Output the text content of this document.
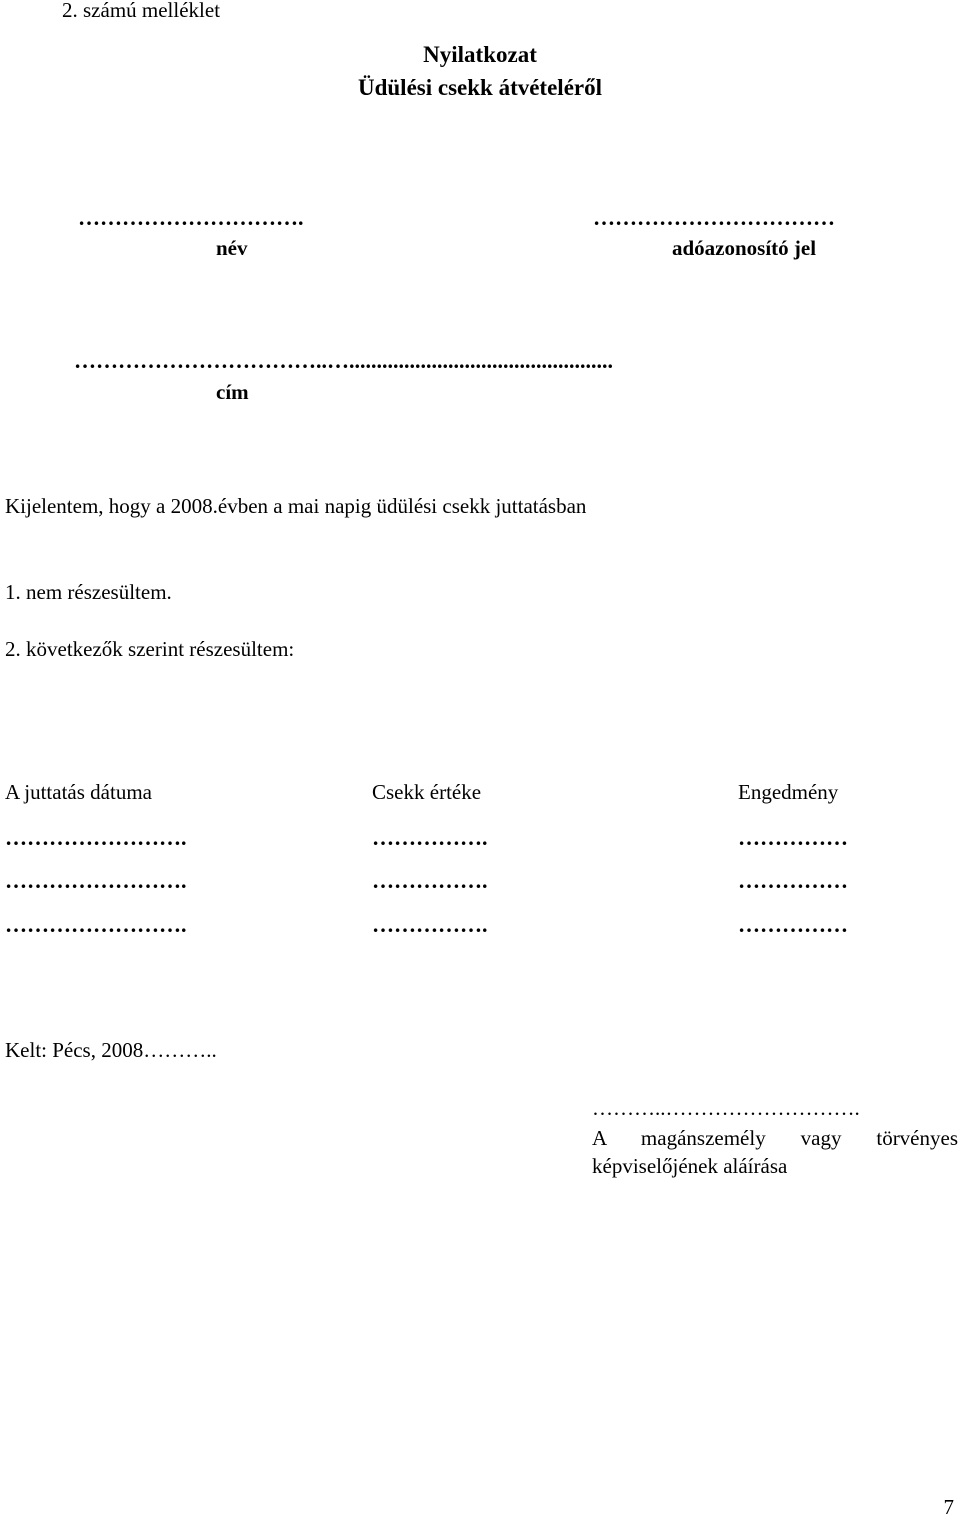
2. számú melléklet
Nyilatkozat
Üdülési csekk átvételéről
………………………….
név
……………………………
adóazonosító jel
……………………………..…................................................
cím
Kijelentem, hogy a 2008.évben a mai napig üdülési csekk juttatásban
1. nem részesültem.
2. következők szerint részesültem:
A juttatás dátuma	Csekk értéke	Engedmény
…………………….	…………….	……………
…………………….	…………….	……………
…………………….	…………….	……………
Kelt: Pécs, 2008………..
………..……………………….
A magánszemély vagy törvényes képviselőjének aláírása
7
